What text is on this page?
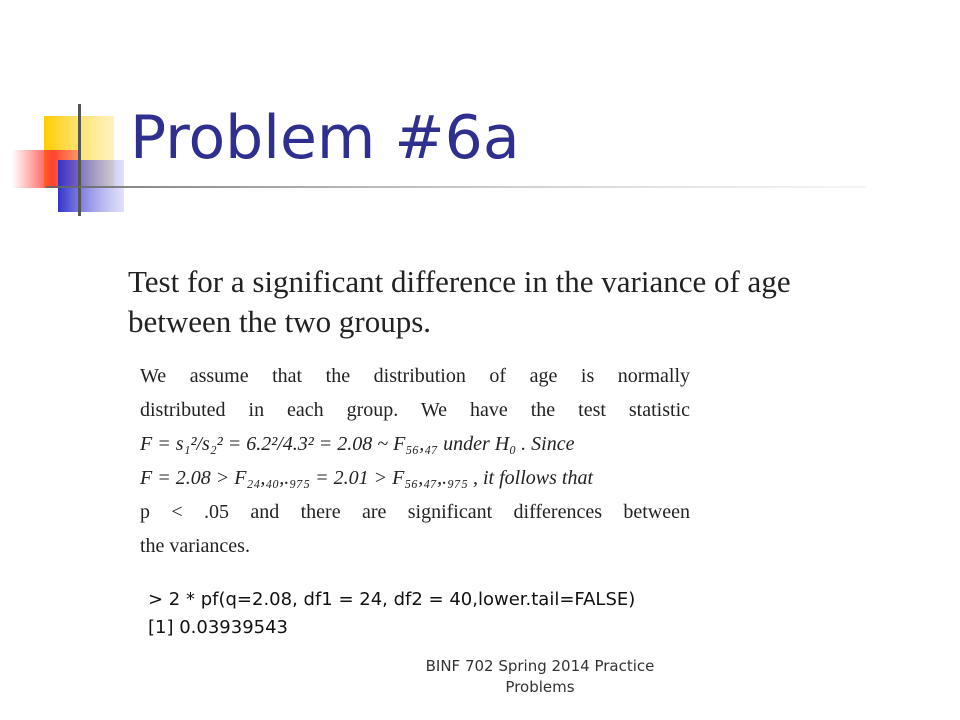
Problem #6a
Test for a significant difference in the variance of age
between the two groups.
We assume that the distribution of age is normally
distributed in each group. We have the test statistic
F = s₁²/s₂² = 6.2²/4.3² = 2.08 ~ F₅₆,₄₇ under H₀ . Since
F = 2.08 > F₂₄,₄₀,.₉₇₅ = 2.01 > F₅₆,₄₇,.₉₇₅ , it follows that
p < .05 and there are significant differences between
the variances.
> 2 * pf(q=2.08, df1 = 24, df2 = 40,lower.tail=FALSE)
[1] 0.03939543
BINF 702 Spring 2014 Practice Problems
